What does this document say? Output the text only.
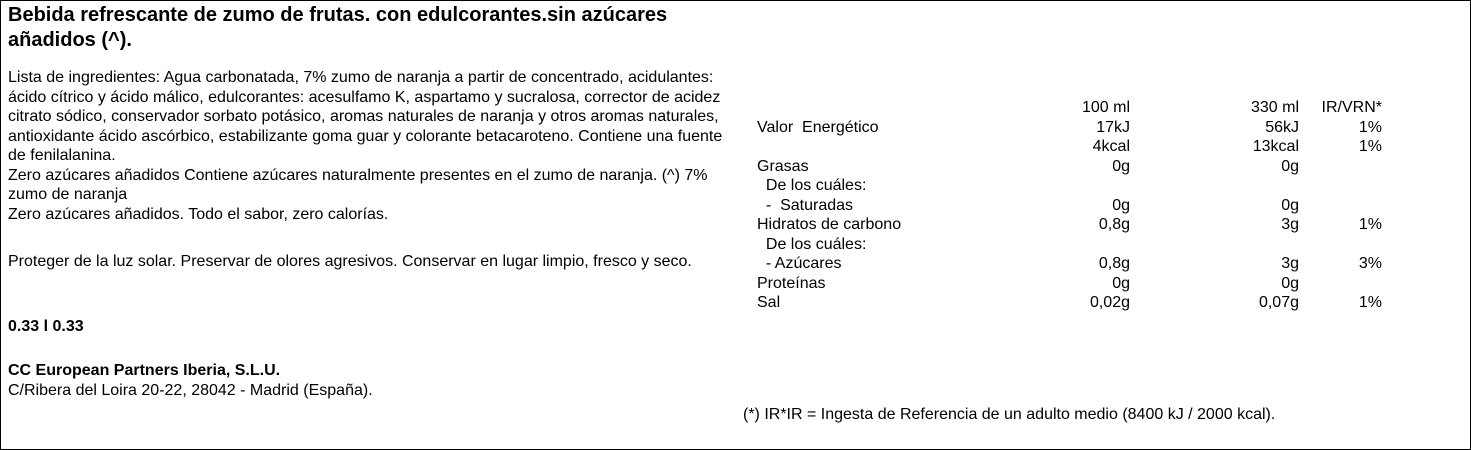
Bebida refrescante de zumo de frutas. con edulcorantes.sin azúcares añadidos (^).

Lista de ingredientes: Agua carbonatada, 7% zumo de naranja a partir de concentrado, acidulantes: ácido cítrico y ácido málico, edulcorantes: acesulfamo K, aspartamo y sucralosa, corrector de acidez citrato sódico, conservador sorbato potásico, aromas naturales de naranja y otros aromas naturales, antioxidante ácido ascórbico, estabilizante goma guar y colorante betacaroteno. Contiene una fuente de fenilalanina.

Zero azúcares añadidos Contiene azúcares naturalmente presentes en el zumo de naranja. (^) 7% zumo de naranja

Zero azúcares añadidos. Todo el sabor, zero calorías.

Proteger de la luz solar. Preservar de olores agresivos. Conservar en lugar limpio, fresco y seco.

0.33 l 0.33

CC European Partners Iberia, S.L.U.

C/Ribera del Loira 20-22, 28042 - Madrid (España).

100 ml	330 ml	IR/VRN*
Valor  Energético	17kJ	56kJ	1%
4kcal	13kcal	1%
Grasas	0g	0g
De los cuáles:
-  Saturadas	0g	0g
Hidratos de carbono	0,8g	3g	1%
De los cuáles:
- Azúcares	0,8g	3g	3%
Proteínas	0g	0g
Sal	0,02g	0,07g	1%
(*) IR*IR = Ingesta de Referencia de un adulto medio (8400 kJ / 2000 kcal).
